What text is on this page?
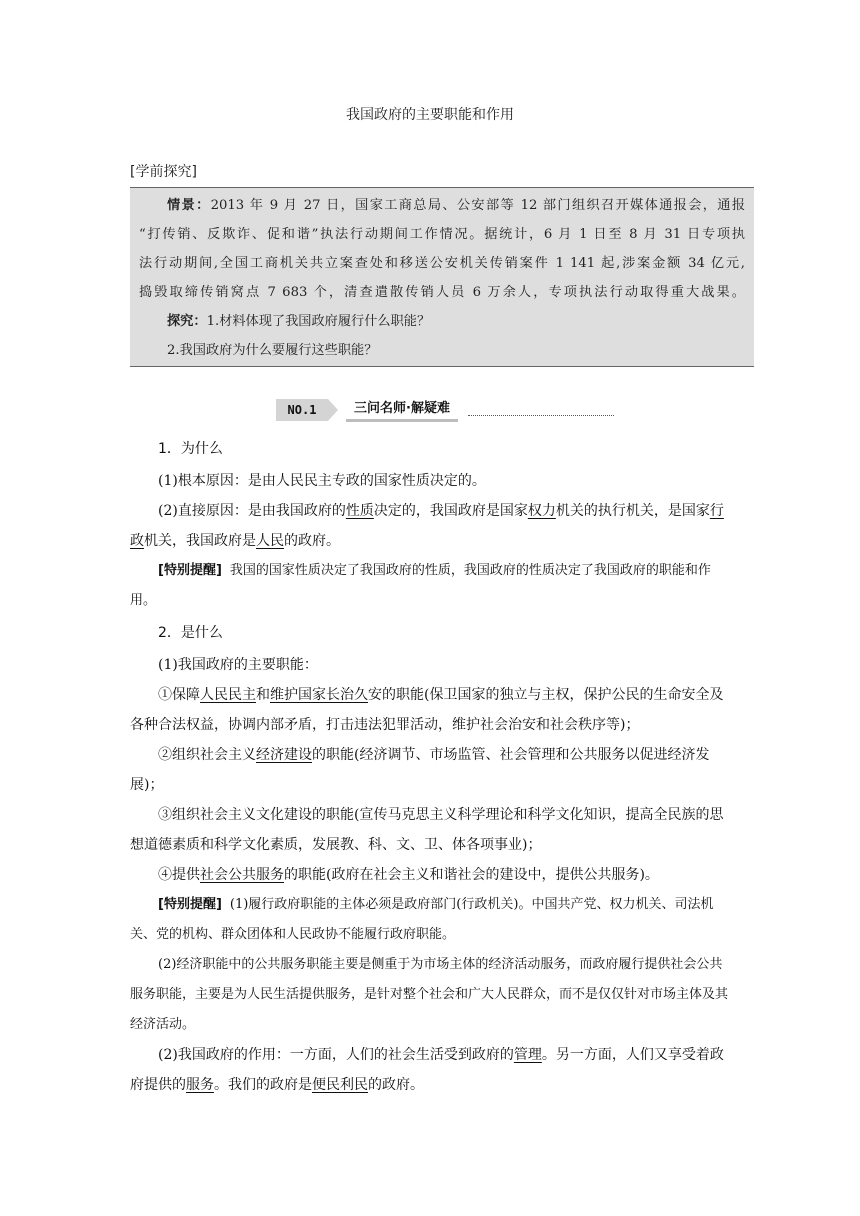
我国政府的主要职能和作用
[学前探究]
情景：2013 年 9 月 27 日，国家工商总局、公安部等 12 部门组织召开媒体通报会，通报
“打传销、反欺诈、促和谐”执法行动期间工作情况。据统计，6 月 1 日至 8 月 31 日专项执
法行动期间,全国工商机关共立案查处和移送公安机关传销案件 1 141 起,涉案金额 34 亿元,
捣毁取缔传销窝点 7 683 个，清查遣散传销人员 6 万余人，专项执法行动取得重大战果。
探究：1.材料体现了我国政府履行什么职能？
2.我国政府为什么要履行这些职能？
NO.1	三问名师·解疑难

1．为什么

(1)根本原因：是由人民民主专政的国家性质决定的。

(2)直接原因：是由我国政府的性质决定的，我国政府是国家权力机关的执行机关，是国家行政机关，我国政府是人民的政府。

[特别提醒] 我国的国家性质决定了我国政府的性质，我国政府的性质决定了我国政府的职能和作用。

2．是什么

(1)我国政府的主要职能：

①保障人民民主和维护国家长治久安的职能(保卫国家的独立与主权，保护公民的生命安全及各种合法权益，协调内部矛盾，打击违法犯罪活动，维护社会治安和社会秩序等)；

②组织社会主义经济建设的职能(经济调节、市场监管、社会管理和公共服务以促进经济发展)；

③组织社会主义文化建设的职能(宣传马克思主义科学理论和科学文化知识，提高全民族的思想道德素质和科学文化素质，发展教、科、文、卫、体各项事业)；

④提供社会公共服务的职能(政府在社会主义和谐社会的建设中，提供公共服务)。

[特别提醒] (1)履行政府职能的主体必须是政府部门(行政机关)。中国共产党、权力机关、司法机关、党的机构、群众团体和人民政协不能履行政府职能。

(2)经济职能中的公共服务职能主要是侧重于为市场主体的经济活动服务，而政府履行提供社会公共服务职能，主要是为人民生活提供服务，是针对整个社会和广大人民群众，而不是仅仅针对市场主体及其经济活动。

(2)我国政府的作用：一方面，人们的社会生活受到政府的管理。另一方面，人们又享受着政府提供的服务。我们的政府是便民利民的政府。
